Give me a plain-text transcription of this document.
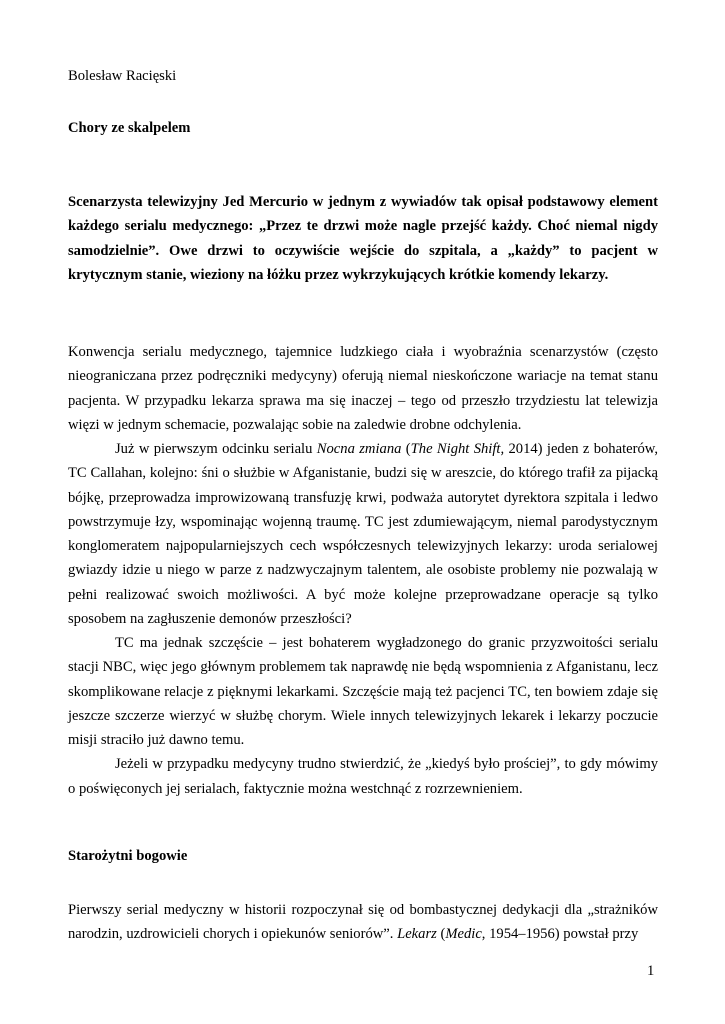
Bolesław Racięski
Chory ze skalpelem
Scenarzysta telewizyjny Jed Mercurio w jednym z wywiadów tak opisał podstawowy element każdego serialu medycznego: „Przez te drzwi może nagle przejść każdy. Choć niemal nigdy samodzielnie”. Owe drzwi to oczywiście wejście do szpitala, a „każdy” to pacjent w krytycznym stanie, wieziony na łóżku przez wykrzykujących krótkie komendy lekarzy.

Konwencja serialu medycznego, tajemnice ludzkiego ciała i wyobraźnia scenarzystów (często nieograniczana przez podręczniki medycyny) oferują niemal nieskończone wariacje na temat stanu pacjenta. W przypadku lekarza sprawa ma się inaczej – tego od przeszło trzydziestu lat telewizja więzi w jednym schemacie, pozwalając sobie na zaledwie drobne odchylenia.

Już w pierwszym odcinku serialu Nocna zmiana (The Night Shift, 2014) jeden z bohaterów, TC Callahan, kolejno: śni o służbie w Afganistanie, budzi się w areszcie, do którego trafił za pijacką bójkę, przeprowadza improwizowaną transfuzję krwi, podważa autorytet dyrektora szpitala i ledwo powstrzymuje łzy, wspominając wojenną traumę. TC jest zdumiewającym, niemal parodystycznym konglomeratem najpopularniejszych cech współczesnych telewizyjnych lekarzy: uroda serialowej gwiazdy idzie u niego w parze z nadzwyczajnym talentem, ale osobiste problemy nie pozwalają w pełni realizować swoich możliwości. A być może kolejne przeprowadzane operacje są tylko sposobem na zagłuszenie demonów przeszłości?

TC ma jednak szczęście – jest bohaterem wygładzonego do granic przyzwoitości serialu stacji NBC, więc jego głównym problemem tak naprawdę nie będą wspomnienia z Afganistanu, lecz skomplikowane relacje z pięknymi lekarkami. Szczęście mają też pacjenci TC, ten bowiem zdaje się jeszcze szczerze wierzyć w służbę chorym. Wiele innych telewizyjnych lekarek i lekarzy poczucie misji straciło już dawno temu.

Jeżeli w przypadku medycyny trudno stwierdzić, że „kiedyś było prościej”, to gdy mówimy o poświęconych jej serialach, faktycznie można westchnąć z rozrzewnieniem.

Starożytni bogowie

Pierwszy serial medyczny w historii rozpoczynał się od bombastycznej dedykacji dla „strażników narodzin, uzdrowicieli chorych i opiekunów seniorów”. Lekarz (Medic, 1954–1956) powstał przy

1
